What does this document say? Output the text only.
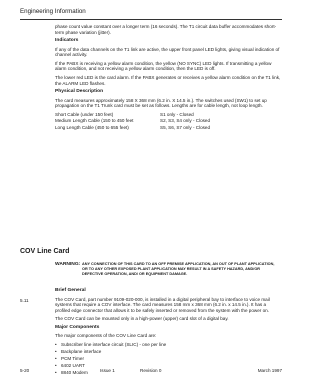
Engineering Information

phase count value constant over a longer term (16 seconds). The T1 circuit data buffer accommodates short-term phase variation (jitter).

Indicators

If any of the data channels on the T1 link are active, the upper front panel LED lights, giving visual indication of channel activity.

If the PABX is receiving a yellow alarm condition, the yellow (NO SYNC) LED lights. If transmitting a yellow alarm condition, and not receiving a yellow alarm condition, then the LED is off.

The lower red LED is the card alarm. If the PABX generates or receives a yellow alarm condition on the T1 link, the ALARM LED flashes.

Physical Description

The card measures approximately 158 X 368 mm (6.2 in. X 14.5 in.). The switches used (SW1) to set up propagation on the T1 Trunk card must be set as follows. Lengths are for cable length, not loop length.

Short Cable (under 150 feet)	S1 only - Closed
Medium Length Cable (150 to 450 feet	S2, S3, S4 only - Closed
Long Length Cable (450 to 655 feet)	S5, S6, S7 only - Closed
COV Line Card
WARNING: ANY CONNECTION OF THIS CARD TO AN OFF PREMISE APPLICATION, AN OUT OF PLANT APPLICATION, OR TO ANY OTHER EXPOSED PLANT APPLICATION MAY RESULT IN A SAFETY HAZARD, AND/OR DEFECTIVE OPERATION, AND/ OR EQUIPMENT DAMAGE.
Brief General

The COV Card, part number 9109-020-000, is installed in a digital peripheral bay to interface to voice mail systems that require a COV interface. The card measures 158 mm x 368 mm (6.2 in. x 14.5 in.). It has a profiled edge connector that allows it to be safely inserted or removed from the system with the power on.

The COV Card can be mounted only in a high-power (upper) card slot of a digital bay.

Major Components

The major components of the COV Line Card are:

• Subscriber line interface circuit (SLIC) - one per line
• Backplane interface
• PCM Timer
• 6402 UART
• 8840 Modem
5.11
5-20	Issue 1	Revision 0	March 1997
